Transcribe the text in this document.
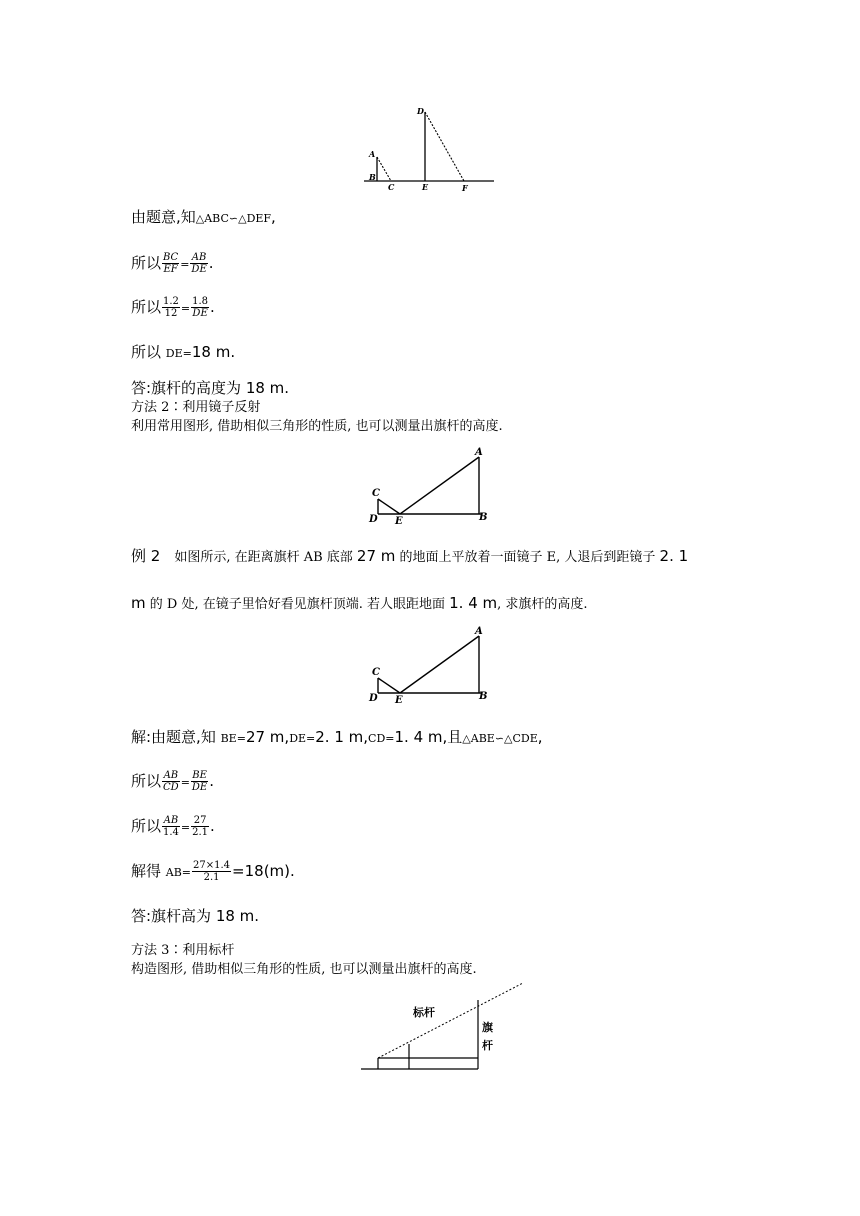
A
B
C
D
E	F
由题意,知△ABC∽△DEF,
所以 $\frac{BC}{EF} = \frac{AB}{DE}$ .
所以 $\frac{1.2}{12} = \frac{1.8}{DE}$ .
所以 DE=18 m.
答:旗杆的高度为 18 m.
方法 2∶利用镜子反射
利用常用图形, 借助相似三角形的性质, 也可以测量出旗杆的高度.
A
B
C
D E
例 2 如图所示, 在距离旗杆 AB 底部 27 m 的地面上平放着一面镜子 E, 人退后到距镜子 2. 1
m 的 D 处, 在镜子里恰好看见旗杆顶端. 若人眼距地面 1. 4 m, 求旗杆的高度.
A
B
C
D E
解:由题意,知 BE=27 m,DE=2. 1 m,CD=1. 4 m,且△ABE∽△CDE,
所以 $\frac{AB}{CD} = \frac{BE}{DE}$ .
所以 $\frac{AB}{1.4} = \frac{27}{2.1}$ .
解得 $AB= \frac{27\times 1.4}{2.1} =18(m)$.
答:旗杆高为 18 m.
方法 3∶利用标杆
构造图形, 借助相似三角形的性质, 也可以测量出旗杆的高度.
标杆
旗
杆
